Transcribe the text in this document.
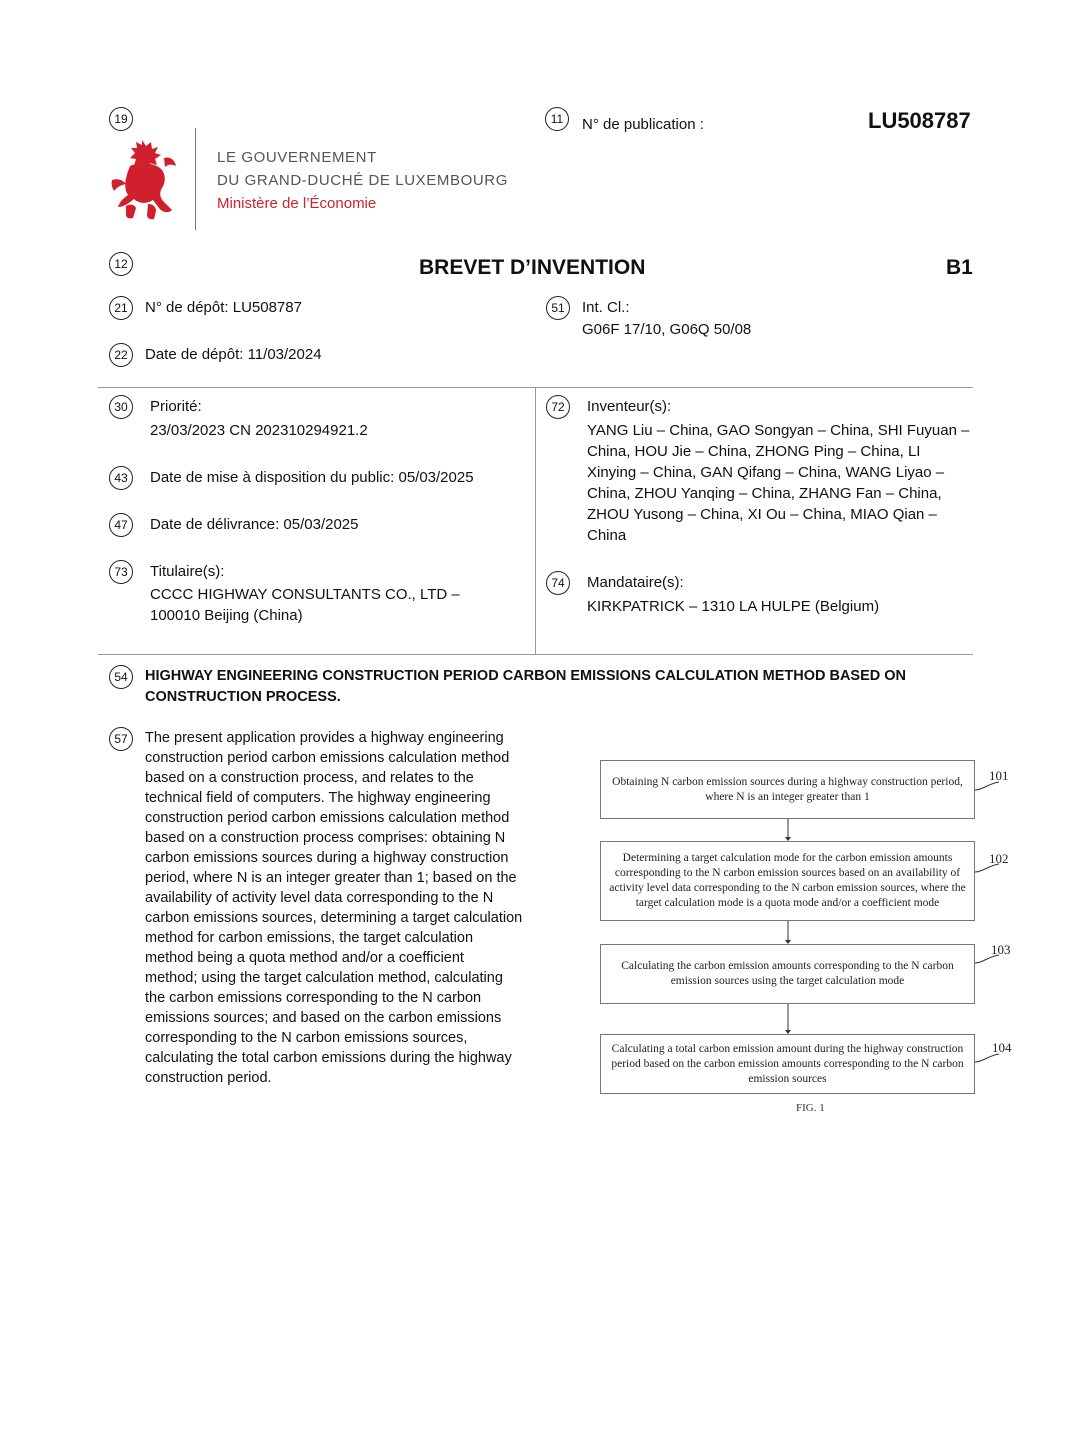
19
LE GOUVERNEMENT
DU GRAND-DUCHÉ DE LUXEMBOURG
Ministère de l’Économie
11	N° de publication :	LU508787
12	BREVET D’INVENTION	B1
21	N° de dépôt: LU508787
22	Date de dépôt: 11/03/2024
51	Int. Cl.:
G06F 17/10, G06Q 50/08
30	Priorité:
23/03/2023 CN 202310294921.2
43	Date de mise à disposition du public: 05/03/2025
47	Date de délivrance: 05/03/2025
73	Titulaire(s):
CCCC HIGHWAY CONSULTANTS CO., LTD –
100010 Beijing (China)
72	Inventeur(s):
YANG Liu – China, GAO Songyan – China, SHI Fuyuan –
China, HOU Jie – China, ZHONG Ping – China, LI
Xinying – China, GAN Qifang – China, WANG Liyao –
China, ZHOU Yanqing – China, ZHANG Fan – China,
ZHOU Yusong – China, XI Ou – China, MIAO Qian –
China
74	Mandataire(s):
KIRKPATRICK – 1310 LA HULPE (Belgium)
54	HIGHWAY ENGINEERING CONSTRUCTION PERIOD CARBON EMISSIONS CALCULATION METHOD BASED ON
CONSTRUCTION PROCESS.
57	The present application provides a highway engineering
construction period carbon emissions calculation method
based on a construction process, and relates to the
technical field of computers. The highway engineering
construction period carbon emissions calculation method
based on a construction process comprises: obtaining N
carbon emissions sources during a highway construction
period, where N is an integer greater than 1; based on the
availability of activity level data corresponding to the N
carbon emissions sources, determining a target calculation
method for carbon emissions, the target calculation
method being a quota method and/or a coefficient
method; using the target calculation method, calculating
the carbon emissions corresponding to the N carbon
emissions sources; and based on the carbon emissions
corresponding to the N carbon emissions sources,
calculating the total carbon emissions during the highway
construction period.
Obtaining N carbon emission sources during a highway construction period, where N is an integer greater than 1
Determining a target calculation mode for the carbon emission amounts corresponding to the N carbon emission sources based on an availability of activity level data corresponding to the N carbon emission sources, where the target calculation mode is a quota mode and/or a coefficient mode
Calculating the carbon emission amounts corresponding to the N carbon emission sources using the target calculation mode
Calculating a total carbon emission amount during the highway construction period based on the carbon emission amounts corresponding to the N carbon emission sources
101
102
103
104
FIG. 1
